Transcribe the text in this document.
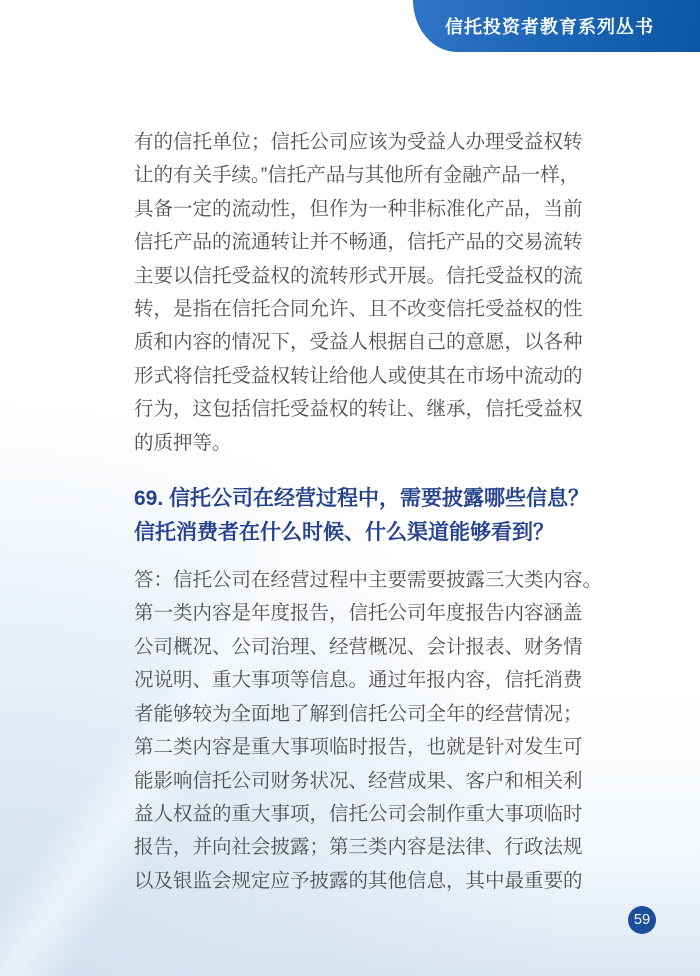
信托投资者教育系列丛书
有的信托单位；信托公司应该为受益人办理受益权转
让的有关手续。”信托产品与其他所有金融产品一样，
具备一定的流动性，但作为一种非标准化产品，当前
信托产品的流通转让并不畅通，信托产品的交易流转
主要以信托受益权的流转形式开展。信托受益权的流
转，是指在信托合同允许、且不改变信托受益权的性
质和内容的情况下，受益人根据自己的意愿，以各种
形式将信托受益权转让给他人或使其在市场中流动的
行为，这包括信托受益权的转让、继承，信托受益权
的质押等。
69. 信托公司在经营过程中，需要披露哪些信息？
信托消费者在什么时候、什么渠道能够看到？
答：信托公司在经营过程中主要需要披露三大类内容。
第一类内容是年度报告，信托公司年度报告内容涵盖
公司概况、公司治理、经营概况、会计报表、财务情
况说明、重大事项等信息。通过年报内容，信托消费
者能够较为全面地了解到信托公司全年的经营情况；
第二类内容是重大事项临时报告，也就是针对发生可
能影响信托公司财务状况、经营成果、客户和相关利
益人权益的重大事项，信托公司会制作重大事项临时
报告，并向社会披露；第三类内容是法律、行政法规
以及银监会规定应予披露的其他信息，其中最重要的
59
